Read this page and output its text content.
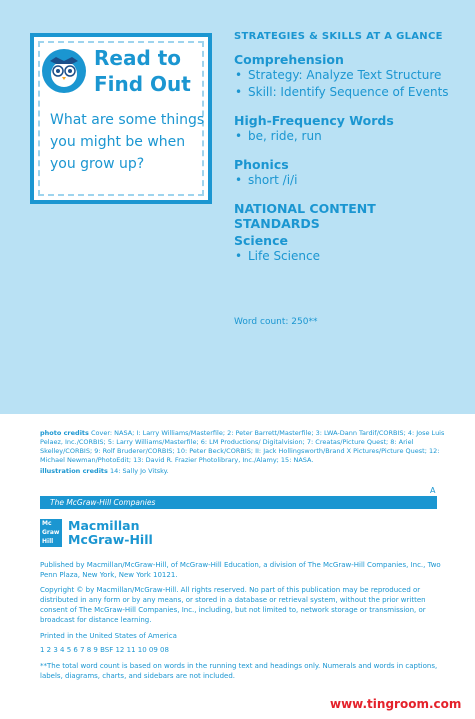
Read to
Find Out
What are some things you might be when you grow up?
STRATEGIES & SKILLS AT A GLANCE
Comprehension
• Strategy: Analyze Text Structure
• Skill: Identify Sequence of Events
High-Frequency Words
• be, ride, run
Phonics
• short /i/i
NATIONAL CONTENT STANDARDS
Science
• Life Science
Word count: 250**
photo credits Cover: NASA; I: Larry Williams/Masterfile; 2: Peter Barrett/Masterfile; 3: LWA-Dann Tardif/CORBIS; 4: Jose Luis Pelaez, Inc./CORBIS; 5: Larry Williams/Masterfile; 6: LM Productions/ Digitalvision; 7: Creatas/Picture Quest; 8: Ariel Skelley/CORBIS; 9: Rolf Bruderer/CORBIS; 10: Peter Beck/CORBIS; II: Jack Hollingsworth/Brand X Pictures/Picture Quest; 12: Michael Newman/PhotoEdit; 13: David R. Frazier Photolibrary, Inc./Alamy; 15: NASA.
illustration credits 14: Sally Jo Vitsky.
A
The McGraw-Hill Companies
Mc Graw Hill
Macmillan
McGraw-Hill
Published by Macmillan/McGraw-Hill, of McGraw-Hill Education, a division of The McGraw-Hill Companies, Inc., Two Penn Plaza, New York, New York 10121.
Copyright © by Macmillan/McGraw-Hill. All rights reserved. No part of this publication may be reproduced or distributed in any form or by any means, or stored in a database or retrieval system, without the prior written consent of The McGraw-Hill Companies, Inc., including, but not limited to, network storage or transmission, or broadcast for distance learning.
Printed in the United States of America
1 2 3 4 5 6 7 8 9 BSF 12 11 10 09 08
**The total word count is based on words in the running text and headings only. Numerals and words in captions, labels, diagrams, charts, and sidebars are not included.
www.tingroom.com
